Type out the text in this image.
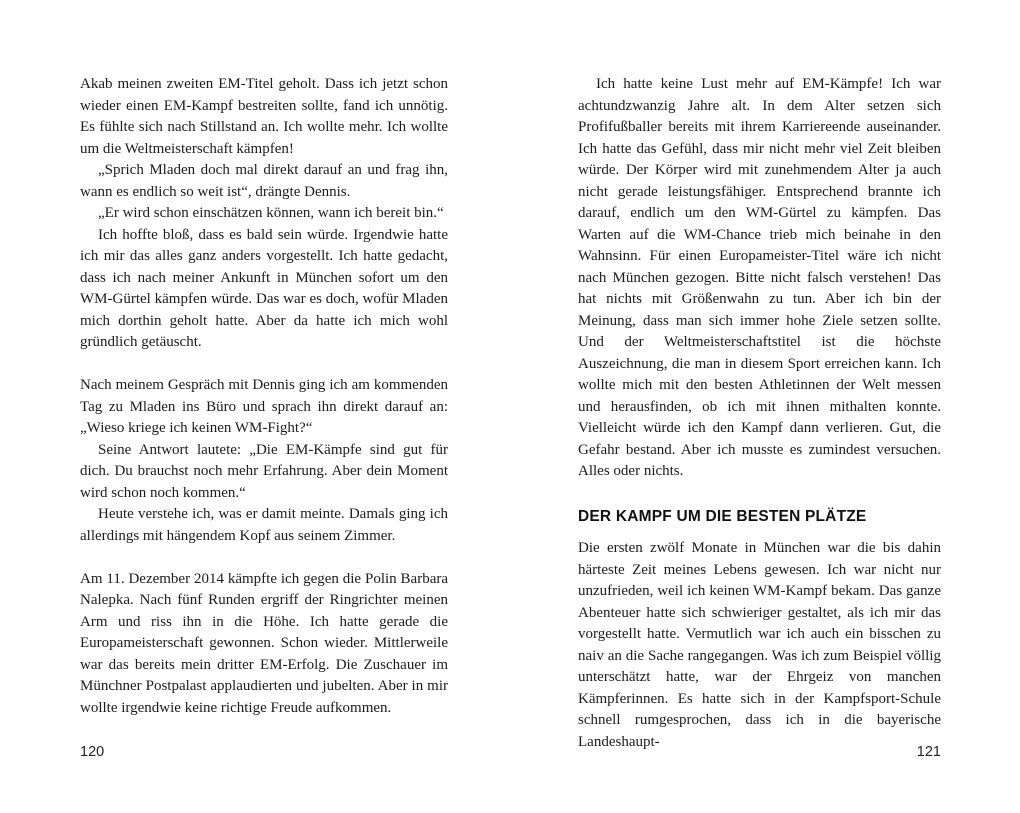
Akab meinen zweiten EM-Titel geholt. Dass ich jetzt schon wieder einen EM-Kampf bestreiten sollte, fand ich unnötig. Es fühlte sich nach Stillstand an. Ich wollte mehr. Ich wollte um die Weltmeisterschaft kämpfen!

„Sprich Mladen doch mal direkt darauf an und frag ihn, wann es endlich so weit ist“, drängte Dennis.

„Er wird schon einschätzen können, wann ich bereit bin.“

Ich hoffte bloß, dass es bald sein würde. Irgendwie hatte ich mir das alles ganz anders vorgestellt. Ich hatte gedacht, dass ich nach meiner Ankunft in München sofort um den WM-Gürtel kämpfen würde. Das war es doch, wofür Mladen mich dorthin geholt hatte. Aber da hatte ich mich wohl gründlich getäuscht.

Nach meinem Gespräch mit Dennis ging ich am kommenden Tag zu Mladen ins Büro und sprach ihn direkt darauf an: „Wieso kriege ich keinen WM-Fight?“

Seine Antwort lautete: „Die EM-Kämpfe sind gut für dich. Du brauchst noch mehr Erfahrung. Aber dein Moment wird schon noch kommen.“

Heute verstehe ich, was er damit meinte. Damals ging ich allerdings mit hängendem Kopf aus seinem Zimmer.

Am 11. Dezember 2014 kämpfte ich gegen die Polin Barbara Nalepka. Nach fünf Runden ergriff der Ringrichter meinen Arm und riss ihn in die Höhe. Ich hatte gerade die Europameisterschaft gewonnen. Schon wieder. Mittlerweile war das bereits mein dritter EM-Erfolg. Die Zuschauer im Münchner Postpalast applaudierten und jubelten. Aber in mir wollte irgendwie keine richtige Freude aufkommen.

120

Ich hatte keine Lust mehr auf EM-Kämpfe! Ich war achtundzwanzig Jahre alt. In dem Alter setzen sich Profifußballer bereits mit ihrem Karriereende auseinander. Ich hatte das Gefühl, dass mir nicht mehr viel Zeit bleiben würde. Der Körper wird mit zunehmendem Alter ja auch nicht gerade leistungsfähiger. Entsprechend brannte ich darauf, endlich um den WM-Gürtel zu kämpfen. Das Warten auf die WM-Chance trieb mich beinahe in den Wahnsinn. Für einen Europameister-Titel wäre ich nicht nach München gezogen. Bitte nicht falsch verstehen! Das hat nichts mit Größenwahn zu tun. Aber ich bin der Meinung, dass man sich immer hohe Ziele setzen sollte. Und der Weltmeisterschaftstitel ist die höchste Auszeichnung, die man in diesem Sport erreichen kann. Ich wollte mich mit den besten Athletinnen der Welt messen und herausfinden, ob ich mit ihnen mithalten konnte. Vielleicht würde ich den Kampf dann verlieren. Gut, die Gefahr bestand. Aber ich musste es zumindest versuchen. Alles oder nichts.

DER KAMPF UM DIE BESTEN PLÄTZE

Die ersten zwölf Monate in München war die bis dahin härteste Zeit meines Lebens gewesen. Ich war nicht nur unzufrieden, weil ich keinen WM-Kampf bekam. Das ganze Abenteuer hatte sich schwieriger gestaltet, als ich mir das vorgestellt hatte. Vermutlich war ich auch ein bisschen zu naiv an die Sache rangegangen. Was ich zum Beispiel völlig unterschätzt hatte, war der Ehrgeiz von manchen Kämpferinnen. Es hatte sich in der Kampfsport-Schule schnell rumgesprochen, dass ich in die bayerische Landeshaupt-

121
